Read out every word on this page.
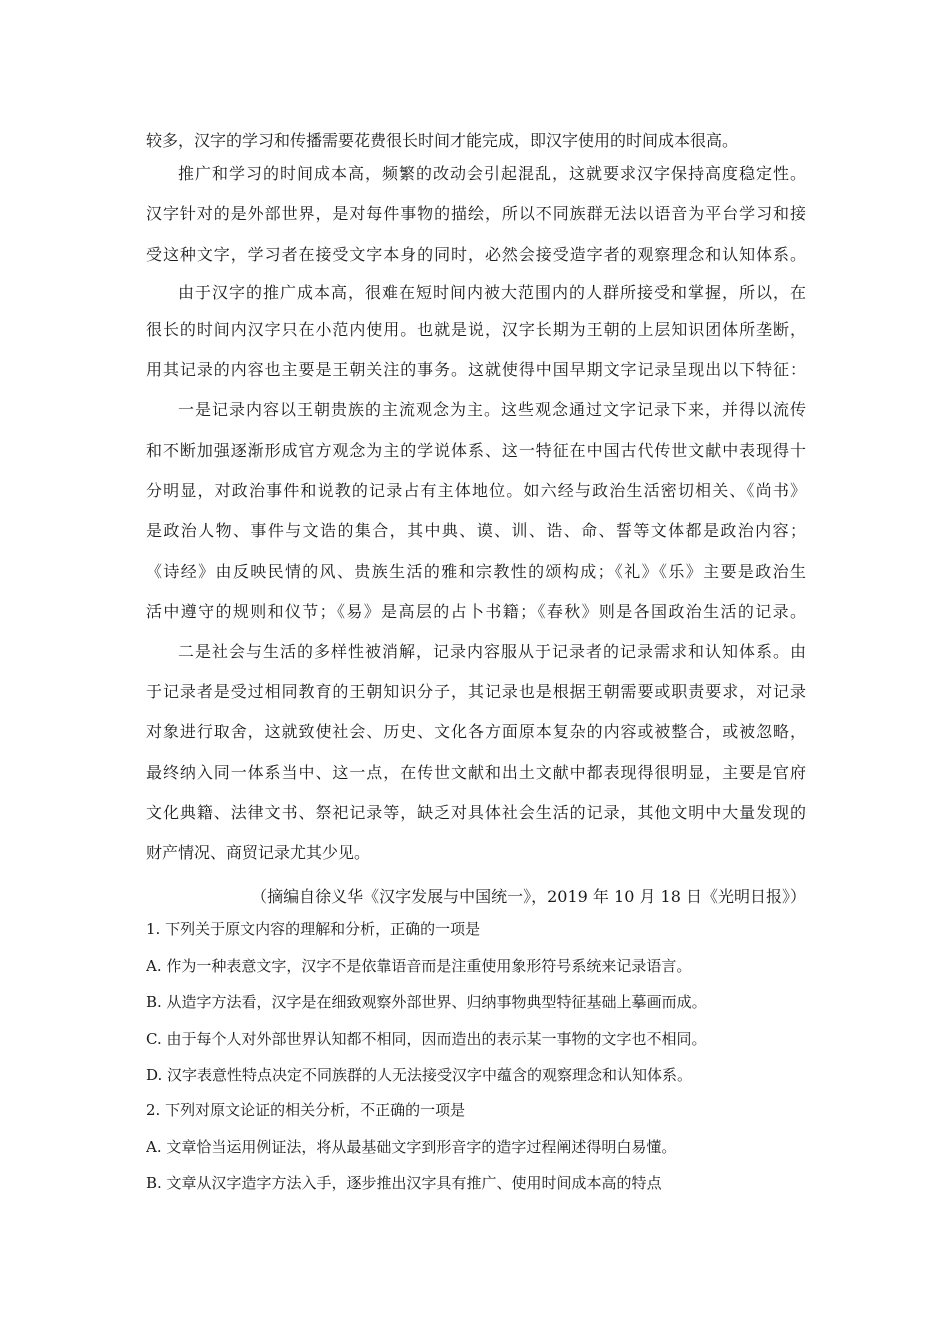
较多，汉字的学习和传播需要花费很长时间才能完成，即汉字使用的时间成本很高。
推广和学习的时间成本高，频繁的改动会引起混乱，这就要求汉字保持高度稳定性。
汉字针对的是外部世界，是对每件事物的描绘，所以不同族群无法以语音为平台学习和接
受这种文字，学习者在接受文字本身的同时，必然会接受造字者的观察理念和认知体系。
由于汉字的推广成本高，很难在短时间内被大范围内的人群所接受和掌握，所以，在
很长的时间内汉字只在小范内使用。也就是说，汉字长期为王朝的上层知识团体所垄断，
用其记录的内容也主要是王朝关注的事务。这就使得中国早期文字记录呈现出以下特征：
一是记录内容以王朝贵族的主流观念为主。这些观念通过文字记录下来，并得以流传
和不断加强逐渐形成官方观念为主的学说体系、这一特征在中国古代传世文献中表现得十
分明显，对政治事件和说教的记录占有主体地位。如六经与政治生活密切相关、《尚书》
是政治人物、事件与文诰的集合，其中典、谟、训、诰、命、誓等文体都是政治内容；
《诗经》由反映民情的风、贵族生活的雅和宗教性的颂构成；《礼》《乐》主要是政治生
活中遵守的规则和仪节；《易》是高层的占卜书籍；《春秋》则是各国政治生活的记录。
二是社会与生活的多样性被消解，记录内容服从于记录者的记录需求和认知体系。由
于记录者是受过相同教育的王朝知识分子，其记录也是根据王朝需要或职责要求，对记录
对象进行取舍，这就致使社会、历史、文化各方面原本复杂的内容或被整合，或被忽略，
最终纳入同一体系当中、这一点，在传世文献和出土文献中都表现得很明显，主要是官府
文化典籍、法律文书、祭祀记录等，缺乏对具体社会生活的记录，其他文明中大量发现的
财产情况、商贸记录尤其少见。
（摘编自徐义华《汉字发展与中国统一》，2019 年 10 月 18 日《光明日报》）
1. 下列关于原文内容的理解和分析，正确的一项是
A. 作为一种表意文字，汉字不是依靠语音而是注重使用象形符号系统来记录语言。
B. 从造字方法看，汉字是在细致观察外部世界、归纳事物典型特征基础上摹画而成。
C. 由于每个人对外部世界认知都不相同，因而造出的表示某一事物的文字也不相同。
D. 汉字表意性特点决定不同族群的人无法接受汉字中蕴含的观察理念和认知体系。
2. 下列对原文论证的相关分析，不正确的一项是
A. 文章恰当运用例证法，将从最基础文字到形音字的造字过程阐述得明白易懂。
B. 文章从汉字造字方法入手，逐步推出汉字具有推广、使用时间成本高的特点
